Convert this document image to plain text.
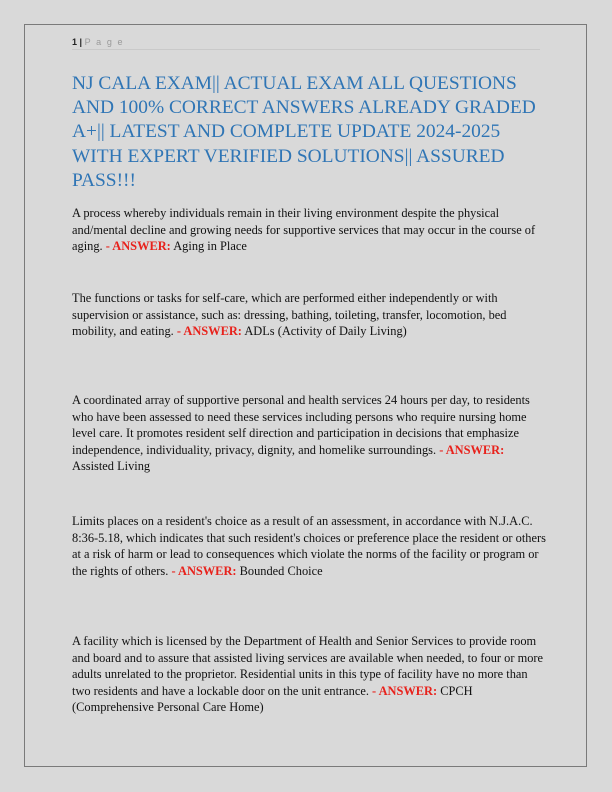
1 | P a g e
NJ CALA EXAM|| ACTUAL EXAM ALL QUESTIONS AND 100% CORRECT ANSWERS ALREADY GRADED A+|| LATEST AND COMPLETE UPDATE 2024-2025 WITH EXPERT VERIFIED SOLUTIONS|| ASSURED PASS!!!

A process whereby individuals remain in their living environment despite the physical and/mental decline and growing needs for supportive services that may occur in the course of aging. - ANSWER: Aging in Place

The functions or tasks for self-care, which are performed either independently or with supervision or assistance, such as: dressing, bathing, toileting, transfer, locomotion, bed mobility, and eating. - ANSWER: ADLs (Activity of Daily Living)

A coordinated array of supportive personal and health services 24 hours per day, to residents who have been assessed to need these services including persons who require nursing home level care. It promotes resident self direction and participation in decisions that emphasize independence, individuality, privacy, dignity, and homelike surroundings. - ANSWER: Assisted Living

Limits places on a resident's choice as a result of an assessment, in accordance with N.J.A.C. 8:36-5.18, which indicates that such resident's choices or preference place the resident or others at a risk of harm or lead to consequences which violate the norms of the facility or program or the rights of others. - ANSWER: Bounded Choice

A facility which is licensed by the Department of Health and Senior Services to provide room and board and to assure that assisted living services are available when needed, to four or more adults unrelated to the proprietor. Residential units in this type of facility have no more than two residents and have a lockable door on the unit entrance. - ANSWER: CPCH (Comprehensive Personal Care Home)
